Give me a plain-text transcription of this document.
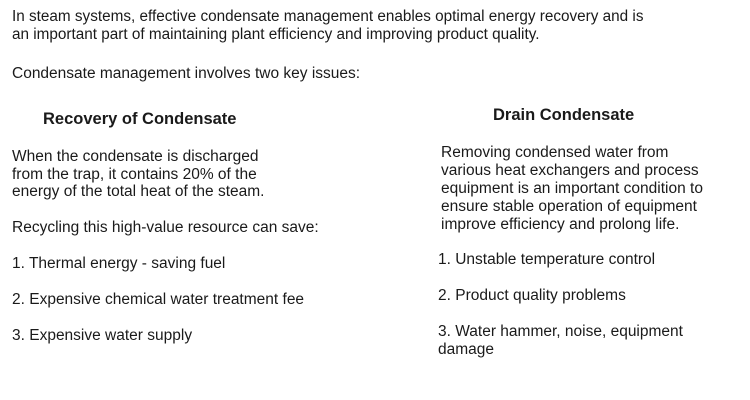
In steam systems, effective condensate management enables optimal energy recovery and is
an important part of maintaining plant efficiency and improving product quality.
Condensate management involves two key issues:
Recovery of Condensate
When the condensate is discharged
from the trap, it contains 20% of the
energy of the total heat of the steam.
Recycling this high-value resource can save:
1. Thermal energy - saving fuel
2. Expensive chemical water treatment fee
3. Expensive water supply
Drain Condensate
Removing condensed water from
various heat exchangers and process
equipment is an important condition to
ensure stable operation of equipment
improve efficiency and prolong life.
1. Unstable temperature control
2. Product quality problems
3. Water hammer, noise, equipment
damage
